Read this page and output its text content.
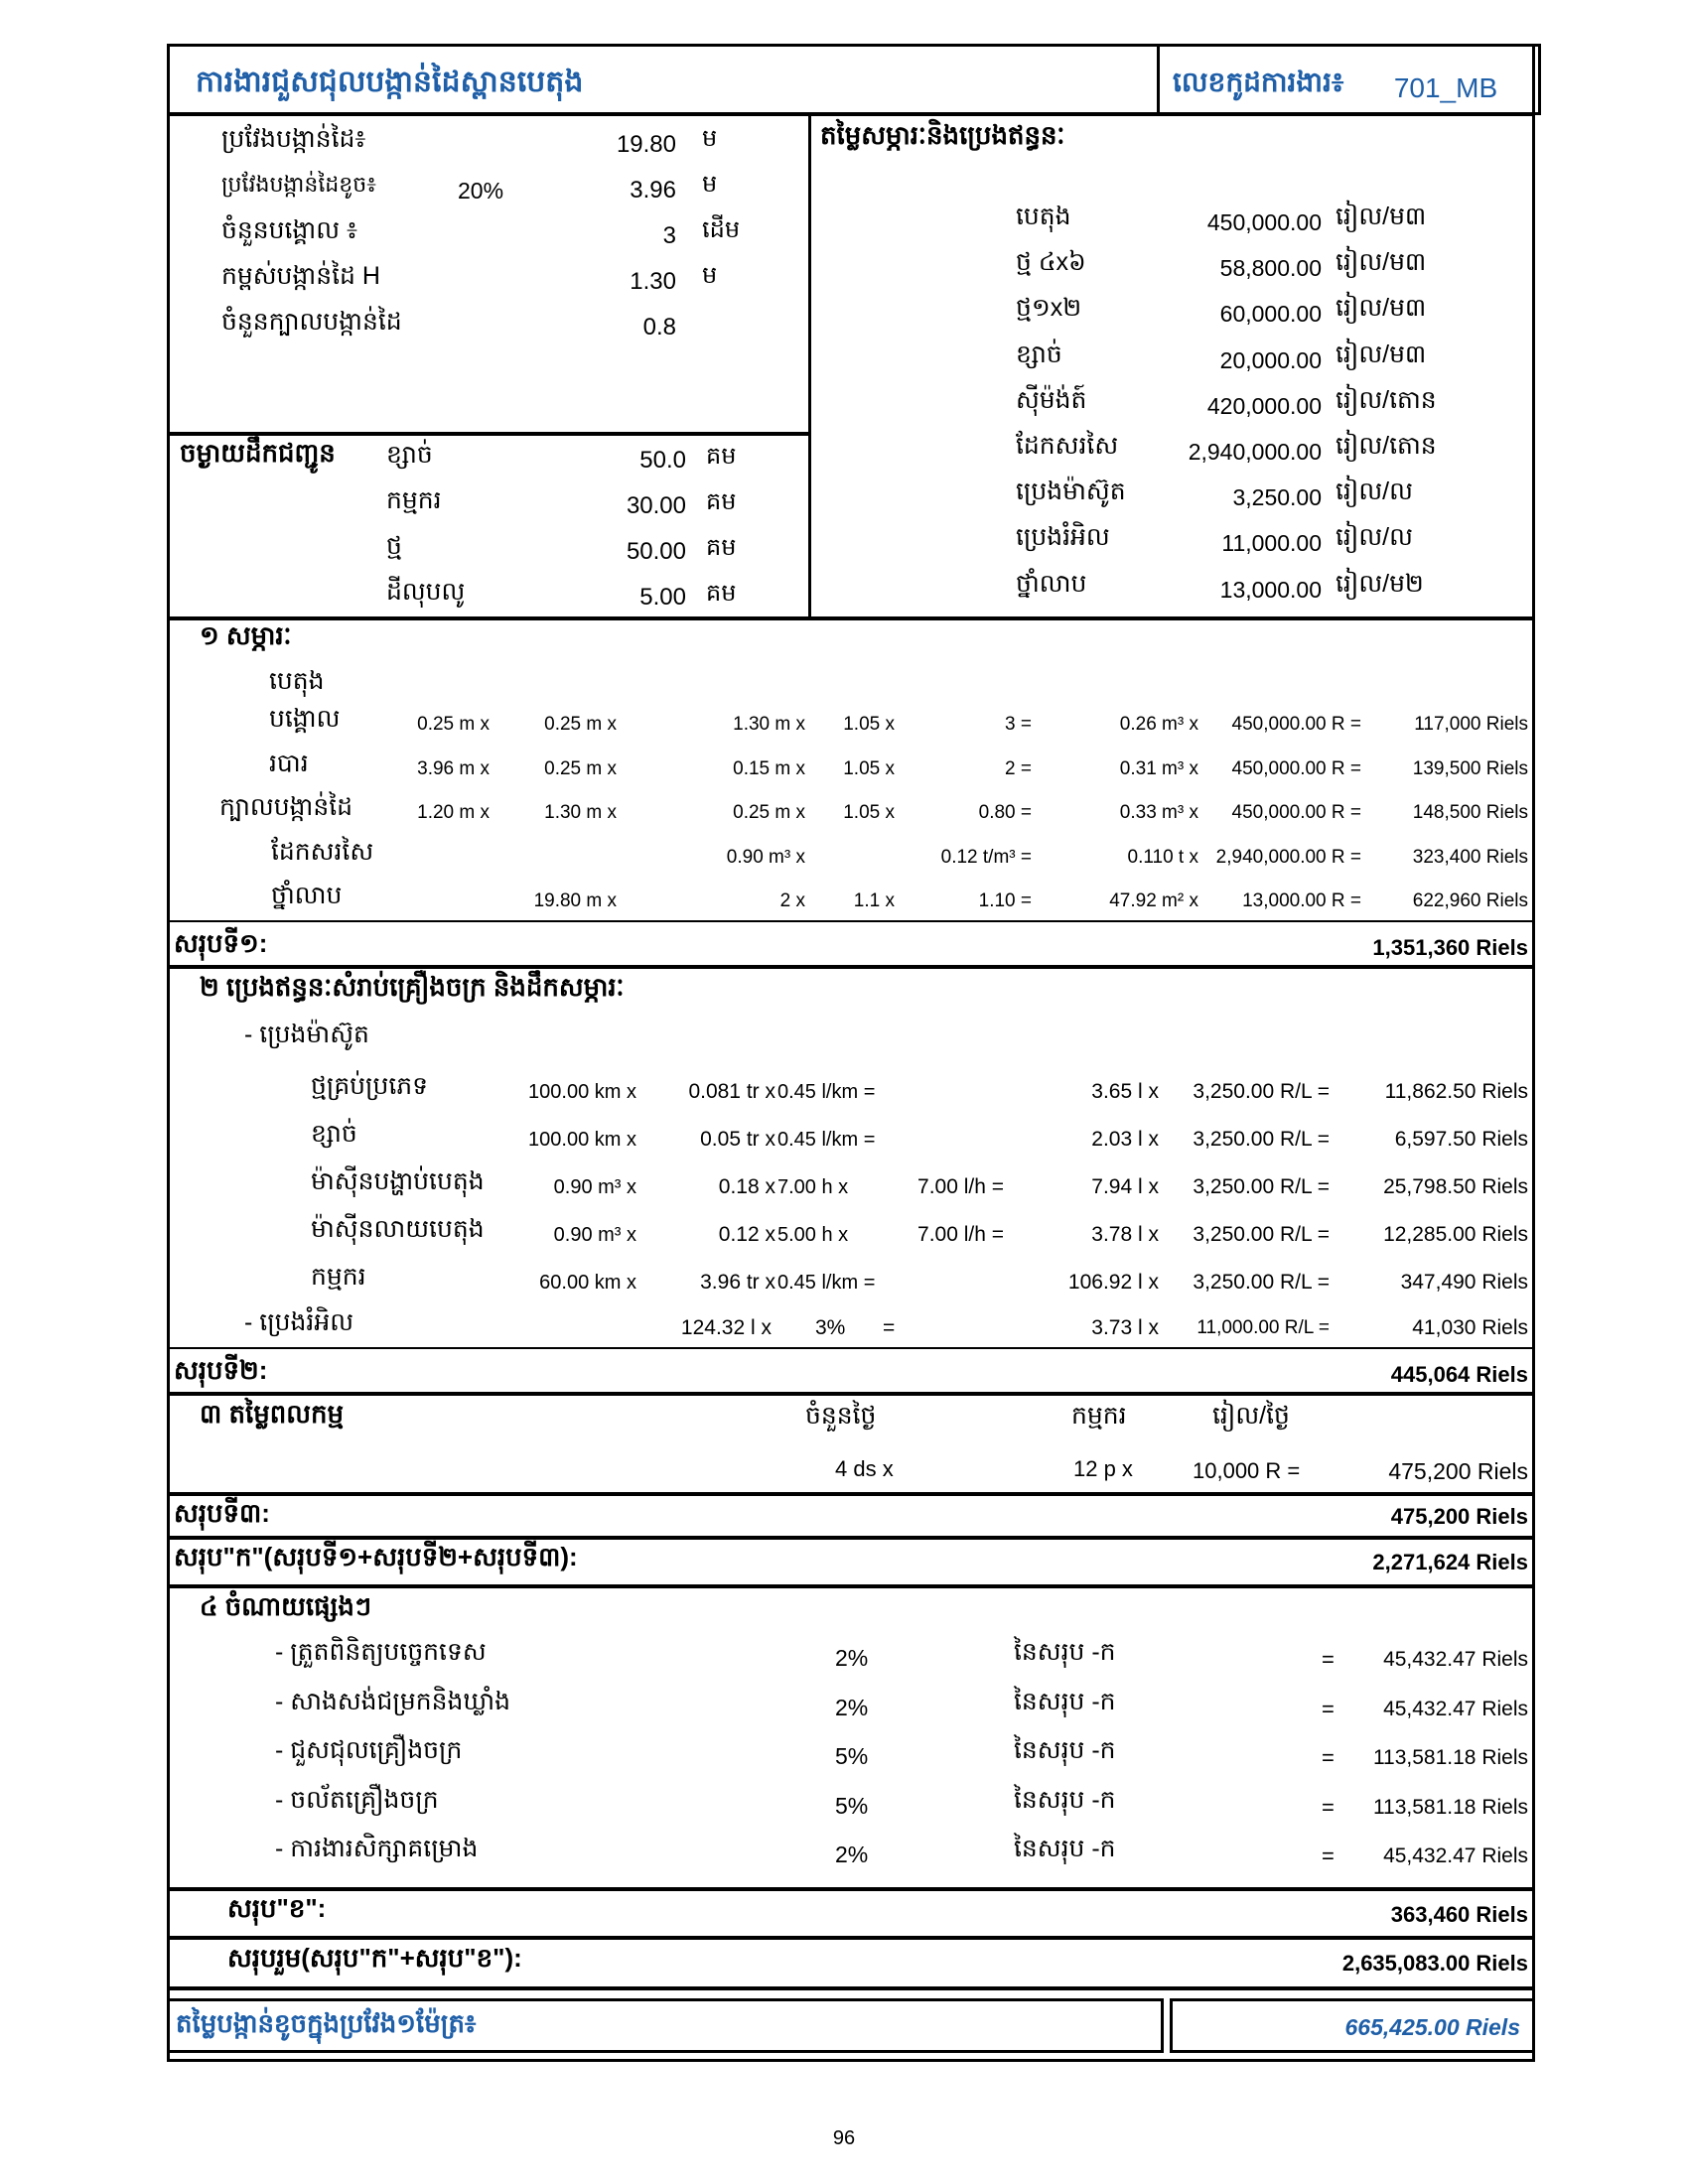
ការងារជួសជុលបង្កាន់ដៃស្ពានបេតុង	លេខកូដការងារ៖ 701_MB
ចម្ងាយដឹកជញ្ជូន
តម្លៃសម្ភារៈនិងប្រេងឥន្ធនៈ
១ សម្ភារៈ
បេតុង
សរុបទី១:	1,351,360 Riels
២ ប្រេងឥន្ធនៈសំរាប់គ្រឿងចក្រ និងដឹកសម្ភារៈ
- ប្រេងម៉ាស៊ូត
- ប្រេងរំអិល	124.32 l x 3% =	3.73 l x	11,000.00 R/L =	41,030 Riels
សរុបទី២:	445,064 Riels
៣ តម្លៃពលកម្ម	ចំនួនថ្ងៃ	កម្មករ	រៀល/ថ្ងៃ
4 ds x	12 p x	10,000 R =	475,200 Riels
សរុបទី៣:	475,200 Riels
សរុប"ក"(សរុបទី១+សរុបទី២+សរុបទី៣):	2,271,624 Riels
៤ ចំណាយផ្សេងៗ
សរុប"ខ":	363,460 Riels
សរុបរួម(សរុប"ក"+សរុប"ខ"):	2,635,083.00 Riels
តម្លៃបង្កាន់ខូចក្នុងប្រវែង១ម៉ែត្រ៖	665,425.00 Riels
ប្រវែងបង្កាន់ដៃ៖	19.80 ម
ប្រវែងបង្កាន់ដៃខូច៖	20%	3.96 ម
ចំនួនបង្គោល ៖	3 ដើម
កម្ពស់បង្កាន់ដៃ H	1.30 ម
ចំនួនក្បាលបង្កាន់ដៃ	0.8
ខ្សាច់	50.0 គម
កម្មករ	30.00 គម
ថ្ម	50.00 គម
ដីលុបលូ	5.00 គម
បេតុង	450,000.00 រៀល/ម៣
ថ្ម ៤x៦	58,800.00 រៀល/ម៣
ថ្ម១x២	60,000.00 រៀល/ម៣
ខ្សាច់	20,000.00 រៀល/ម៣
ស៊ីម៉ង់ត៍	420,000.00 រៀល/តោន
ដែកសរសៃ	2,940,000.00 រៀល/តោន
ប្រេងម៉ាស៊ូត	3,250.00 រៀល/ល
ប្រេងរំអិល	11,000.00 រៀល/ល
ថ្នាំលាប	13,000.00 រៀល/ម២
បង្គោល	0.25 m x	0.25 m x	1.30 m x	1.05 x	3 =	0.26 m³ x	450,000.00 R =	117,000 Riels
របារ	3.96 m x	0.25 m x	0.15 m x	1.05 x	2 =	0.31 m³ x	450,000.00 R =	139,500 Riels
ក្បាលបង្កាន់ដៃ	1.20 m x	1.30 m x	0.25 m x	1.05 x	0.80 =	0.33 m³ x	450,000.00 R =	148,500 Riels
ដែកសរសៃ	0.90 m³ x	0.12 t/m³ =	0.110 t x 2,940,000.00 R =	323,400 Riels
ថ្នាំលាប	19.80 m x	2 x	1.1 x	1.10 =	47.92 m² x	13,000.00 R =	622,960 Riels
ថ្មគ្រប់ប្រភេទ	100.00 km x	0.081 tr x 0.45 l/km =	3.65 l x	3,250.00 R/L =	11,862.50 Riels
ខ្សាច់	100.00 km x	0.05 tr x 0.45 l/km =	2.03 l x	3,250.00 R/L =	6,597.50 Riels
ម៉ាស៊ីនបង្ហាប់បេតុង	0.90 m³ x	0.18 x 7.00 h x	7.00 l/h =	7.94 l x	3,250.00 R/L =	25,798.50 Riels
ម៉ាស៊ីនលាយបេតុង	0.90 m³ x	0.12 x 5.00 h x	7.00 l/h =	3.78 l x	3,250.00 R/L =	12,285.00 Riels
កម្មករ	60.00 km x	3.96 tr x 0.45 l/km =	106.92 l x	3,250.00 R/L =	347,490 Riels
- ត្រួតពិនិត្យបច្ចេកទេស	2%	នៃសរុប -ក	=	45,432.47 Riels
- សាងសង់ជម្រកនិងឃ្លាំង	2%	នៃសរុប -ក	=	45,432.47 Riels
- ជួសជុលគ្រឿងចក្រ	5%	នៃសរុប -ក	=	113,581.18 Riels
- ចល័តគ្រឿងចក្រ	5%	នៃសរុប -ក	=	113,581.18 Riels
- ការងារសិក្សាគម្រោង	2%	នៃសរុប -ក	=	45,432.47 Riels
96
